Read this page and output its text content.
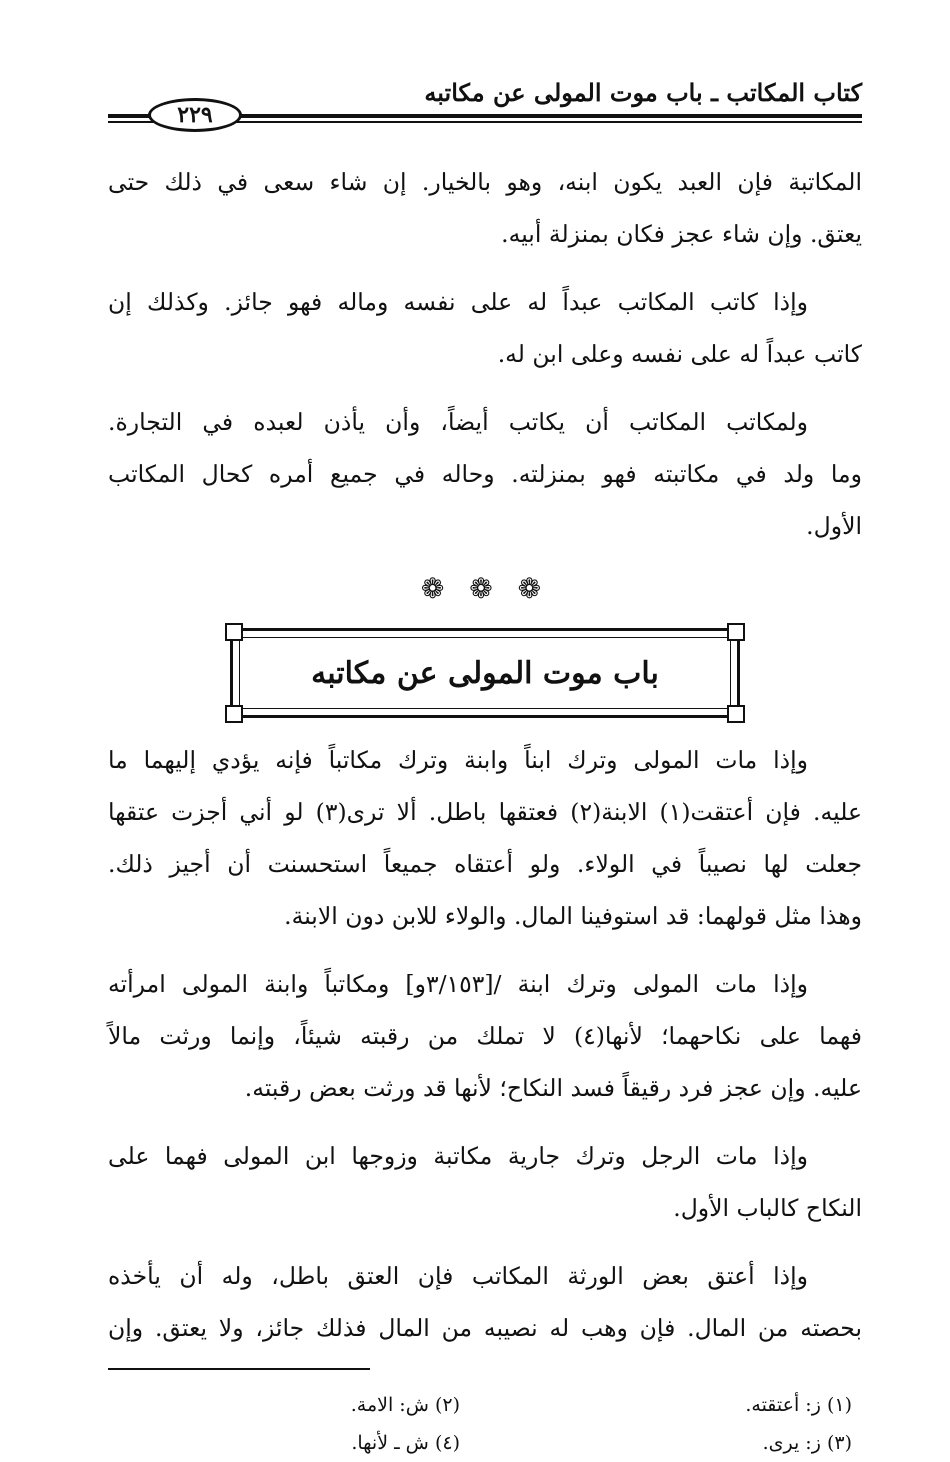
كتاب المكاتب ـ باب موت المولى عن مكاتبه
٢٢٩

المكاتبة فإن العبد يكون ابنه، وهو بالخيار. إن شاء سعى في ذلك حتى
يعتق. وإن شاء عجز فكان بمنزلة أبيه.

وإذا كاتب المكاتب عبداً له على نفسه وماله فهو جائز. وكذلك إن
كاتب عبداً له على نفسه وعلى ابن له.

ولمكاتب المكاتب أن يكاتب أيضاً، وأن يأذن لعبده في التجارة.
وما ولد في مكاتبته فهو بمنزلته. وحاله في جميع أمره كحال المكاتب
الأول.

❁ ❁ ❁
باب موت المولى عن مكاتبه

وإذا مات المولى وترك ابناً وابنة وترك مكاتباً فإنه يؤدي إليهما ما
عليه. فإن أعتقت(١) الابنة(٢) فعتقها باطل. ألا ترى(٣) لو أني أجزت عتقها
جعلت لها نصيباً في الولاء. ولو أعتقاه جميعاً استحسنت أن أجيز ذلك.
وهذا مثل قولهما: قد استوفينا المال. والولاء للابن دون الابنة.

وإذا مات المولى وترك ابنة /[٣/١٥٣و] ومكاتباً وابنة المولى امرأته
فهما على نكاحهما؛ لأنها(٤) لا تملك من رقبته شيئاً، وإنما ورثت مالاً
عليه. وإن عجز فرد رقيقاً فسد النكاح؛ لأنها قد ورثت بعض رقبته.

وإذا مات الرجل وترك جارية مكاتبة وزوجها ابن المولى فهما على
النكاح كالباب الأول.

وإذا أعتق بعض الورثة المكاتب فإن العتق باطل، وله أن يأخذه
بحصته من المال. فإن وهب له نصيبه من المال فذلك جائز، ولا يعتق. وإن

(١) ز: أعتقته.
(٢) ش: الامة.
(٣) ز: يرى.
(٤) ش ـ لأنها.
